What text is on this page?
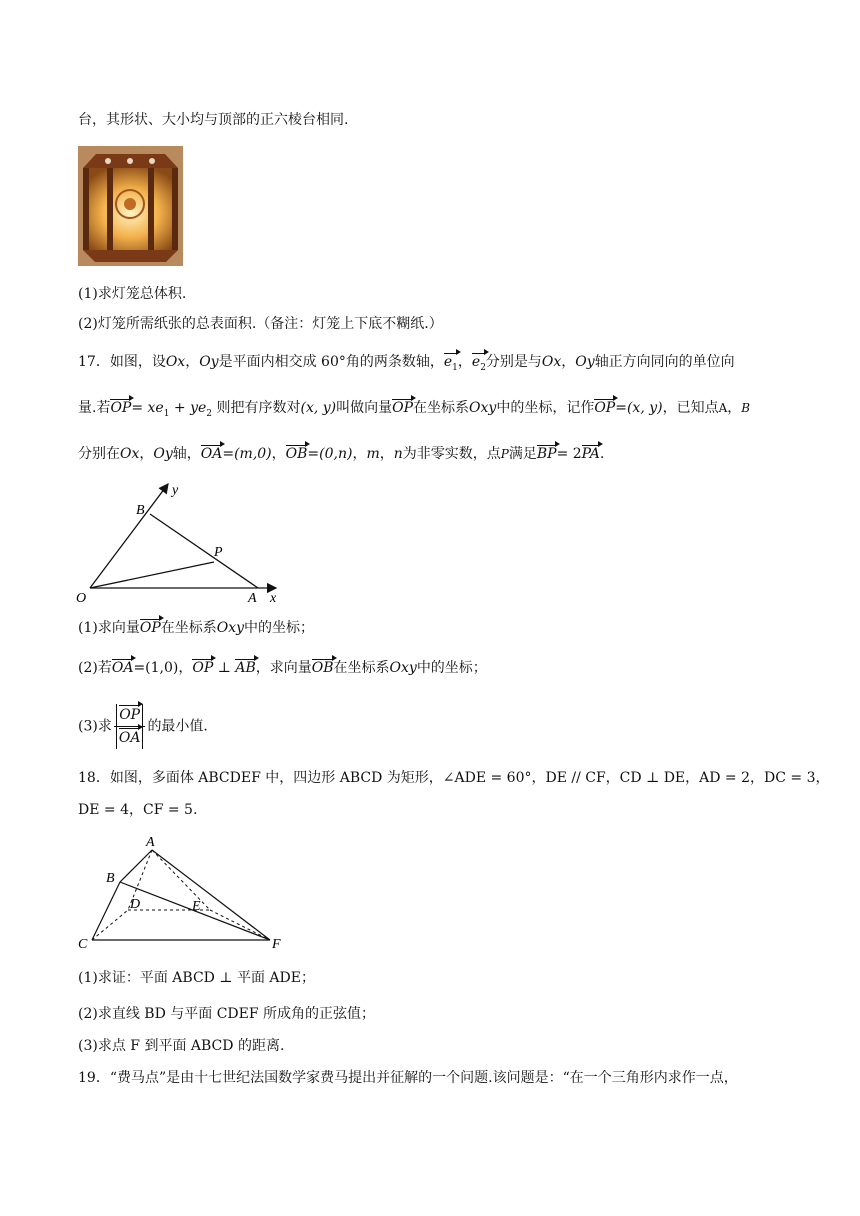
台，其形状、大小均与顶部的正六棱台相同.
(1)求灯笼总体积.
(2)灯笼所需纸张的总表面积.（备注：灯笼上下底不糊纸.）
17．如图，设Ox，Oy是平面内相交成 60°角的两条数轴，$e_1$，$e_2$分别是与Ox，Oy轴正方向同向的单位向
量.若$OP= xe_1 + ye_2$ 则把有序数对(x, y)叫做向量OP在坐标系Oxy中的坐标，记作OP=(x, y)，已知点A，B
分别在Ox，Oy轴，OA=(m,0)，OB=(0,n)，m，n为非零实数，点P满足BP= 2PA.
O	A x
B
y
P
(1)求向量OP在坐标系Oxy中的坐标；
(2)若OA=(1,0)，OP ⊥ AB，求向量OB在坐标系Oxy中的坐标；
(3)求 $\frac{OP}{OA}$ 的最小值.
18．如图，多面体 ABCDEF 中，四边形 ABCD 为矩形，∠ADE = 60°，DE // CF，CD ⊥ DE，AD = 2，DC = 3，
DE = 4，CF = 5.
A
B
C
D	E
F
(1)求证：平面 ABCD ⊥ 平面 ADE；
(2)求直线 BD 与平面 CDEF 所成角的正弦值；
(3)求点 F 到平面 ABCD 的距离.
19．“费马点”是由十七世纪法国数学家费马提出并征解的一个问题.该问题是：“在一个三角形内求作一点，
